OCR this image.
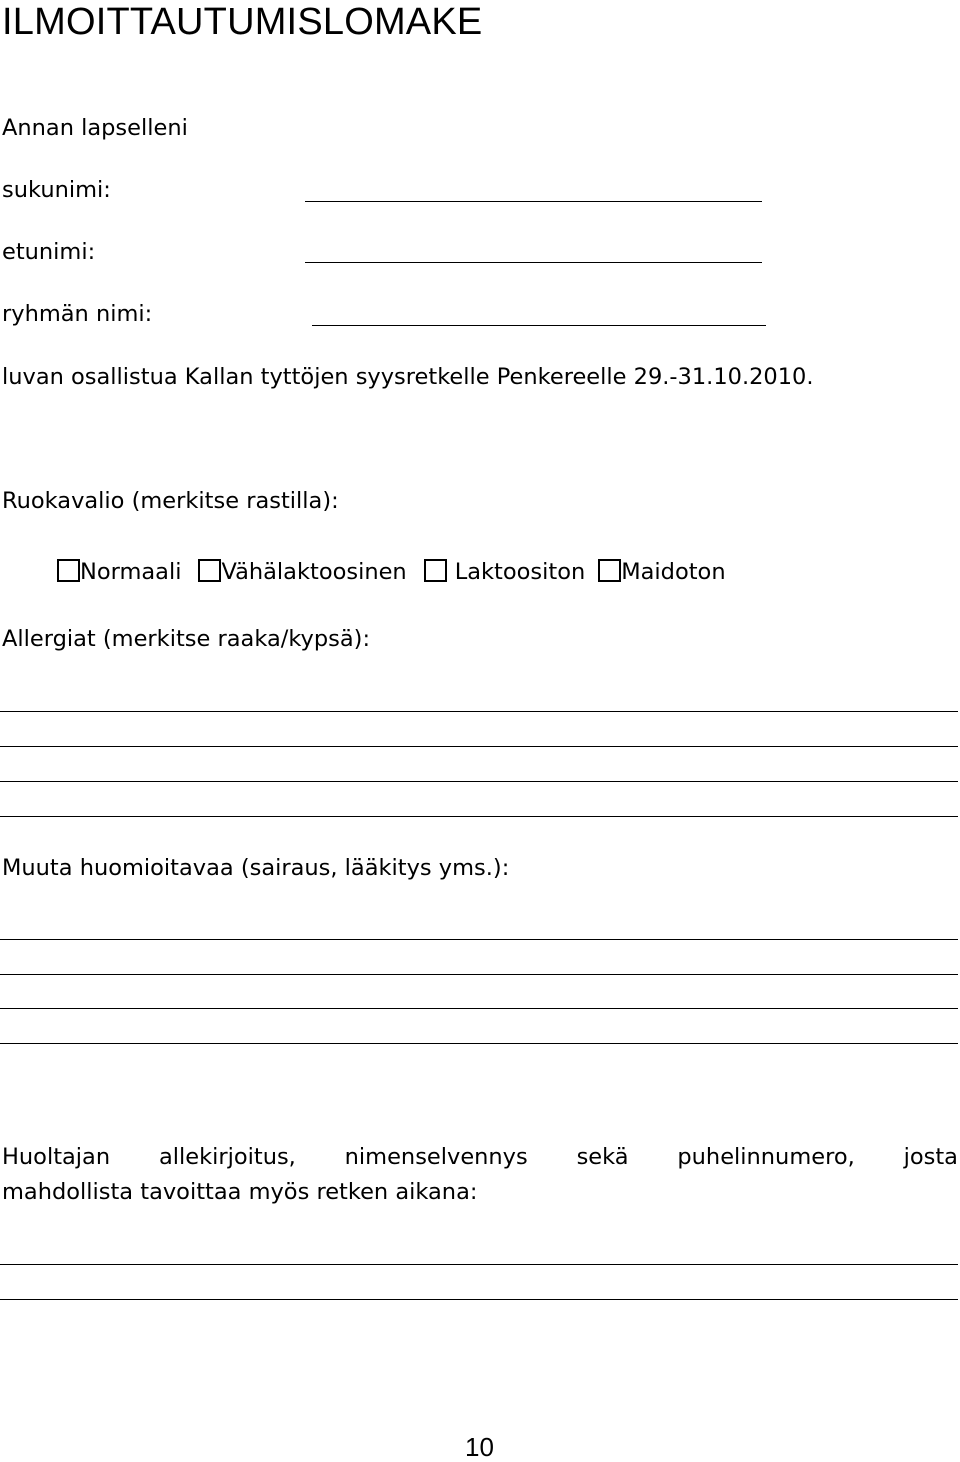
ILMOITTAUTUMISLOMAKE
Annan lapselleni
sukunimi:
etunimi:
ryhmän nimi:
luvan osallistua Kallan tyttöjen syysretkelle Penkereelle 29.-31.10.2010.
Ruokavalio (merkitse rastilla):
Normaali Vähälaktoosinen Laktoositon Maidoton
Allergiat (merkitse raaka/kypsä):
Muuta huomioitavaa (sairaus, lääkitys yms.):
Huoltajan allekirjoitus, nimenselvennys sekä puhelinnumero, josta
mahdollista tavoittaa myös retken aikana:
10
